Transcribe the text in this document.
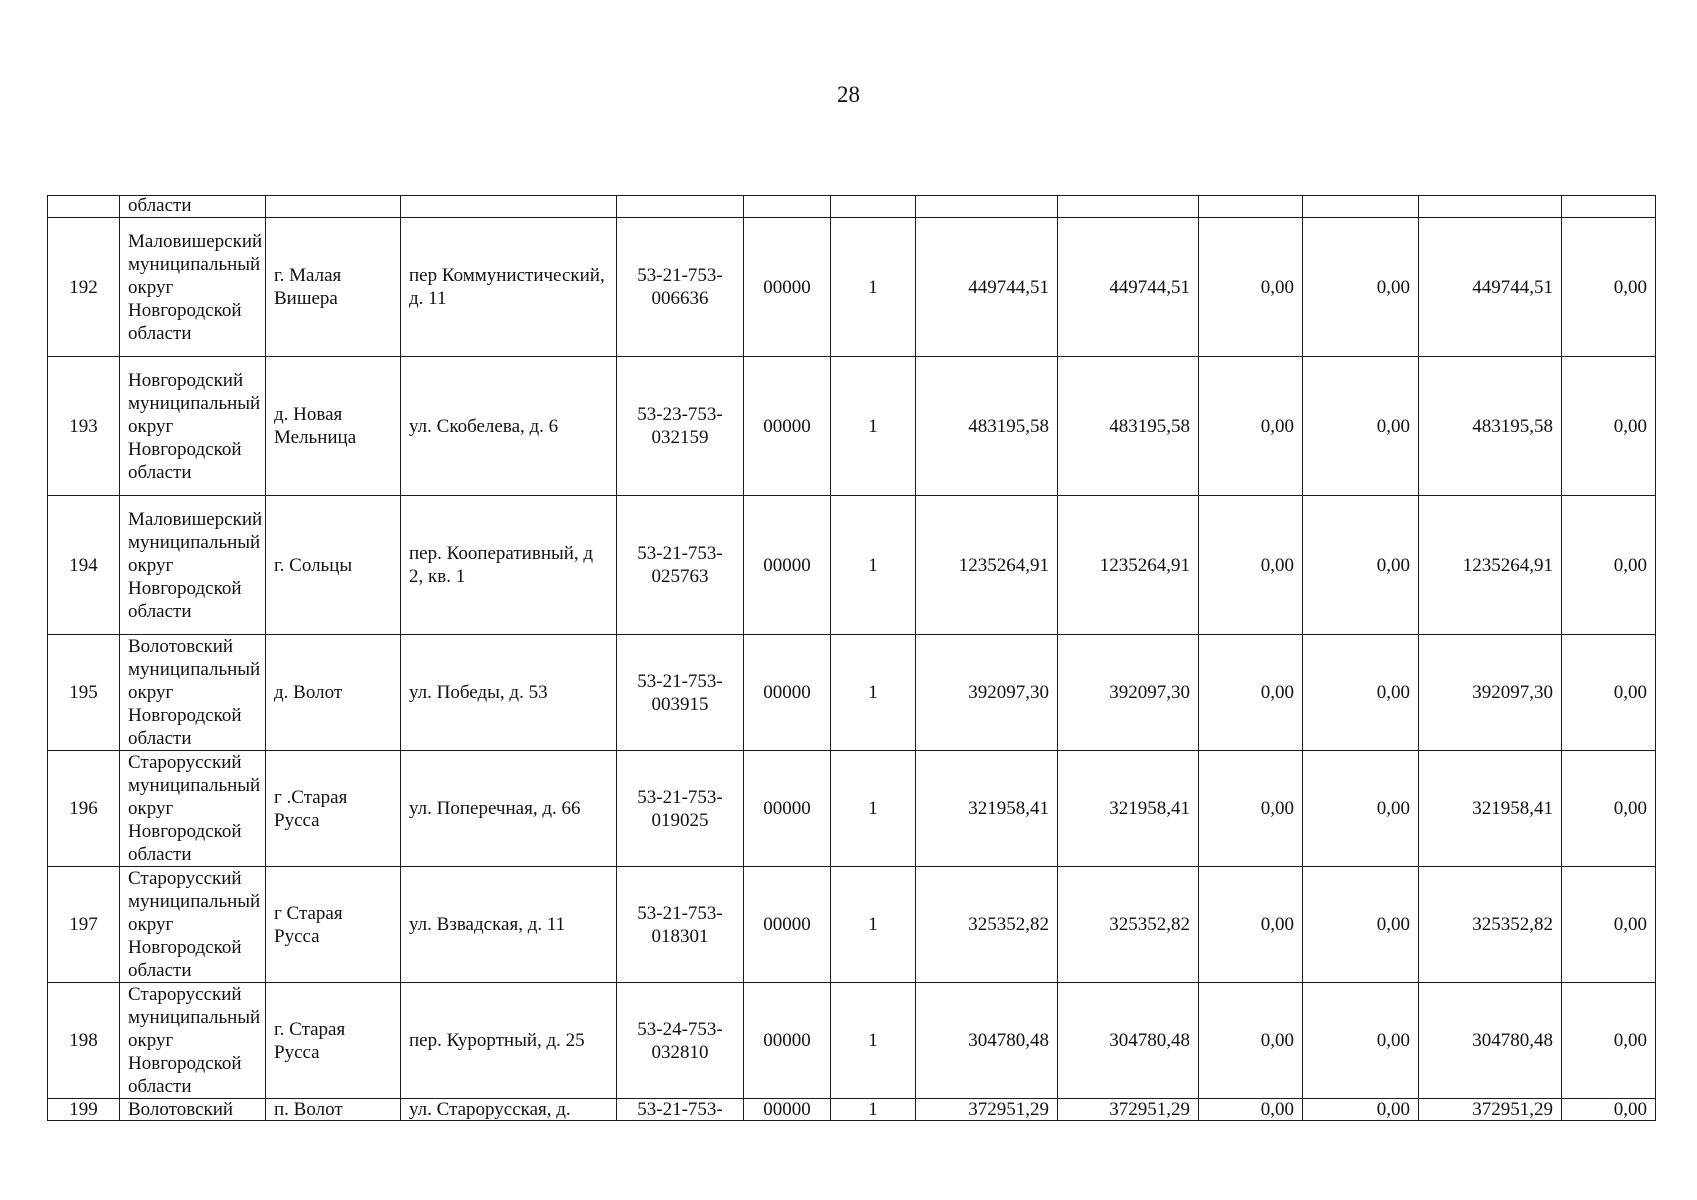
28
	области											
192	Маловишерский муниципальный округ Новгородской области	г. Малая Вишера	пер Коммунистический, д. 11	53-21-753-006636	00000	1	449744,51	449744,51	0,00	0,00	449744,51	0,00
193	Новгородский муниципальный округ Новгородской области	д. Новая Мельница	ул. Скобелева, д. 6	53-23-753-032159	00000	1	483195,58	483195,58	0,00	0,00	483195,58	0,00
194	Маловишерский муниципальный округ Новгородской области	г. Сольцы	пер. Кооперативный, д 2, кв. 1	53-21-753-025763	00000	1	1235264,91	1235264,91	0,00	0,00	1235264,91	0,00
195	Волотовский муниципальный округ Новгородской области	д. Волот	ул. Победы, д. 53	53-21-753-003915	00000	1	392097,30	392097,30	0,00	0,00	392097,30	0,00
196	Старорусский муниципальный округ Новгородской области	г .Старая Русса	ул. Поперечная, д. 66	53-21-753-019025	00000	1	321958,41	321958,41	0,00	0,00	321958,41	0,00
197	Старорусский муниципальный округ Новгородской области	г Старая Русса	ул. Взвадская, д. 11	53-21-753-018301	00000	1	325352,82	325352,82	0,00	0,00	325352,82	0,00
198	Старорусский муниципальный округ Новгородской области	г. Старая Русса	пер. Курортный, д. 25	53-24-753-032810	00000	1	304780,48	304780,48	0,00	0,00	304780,48	0,00
199	Волотовский	п. Волот	ул. Старорусская, д.	53-21-753-	00000	1	372951,29	372951,29	0,00	0,00	372951,29	0,00
